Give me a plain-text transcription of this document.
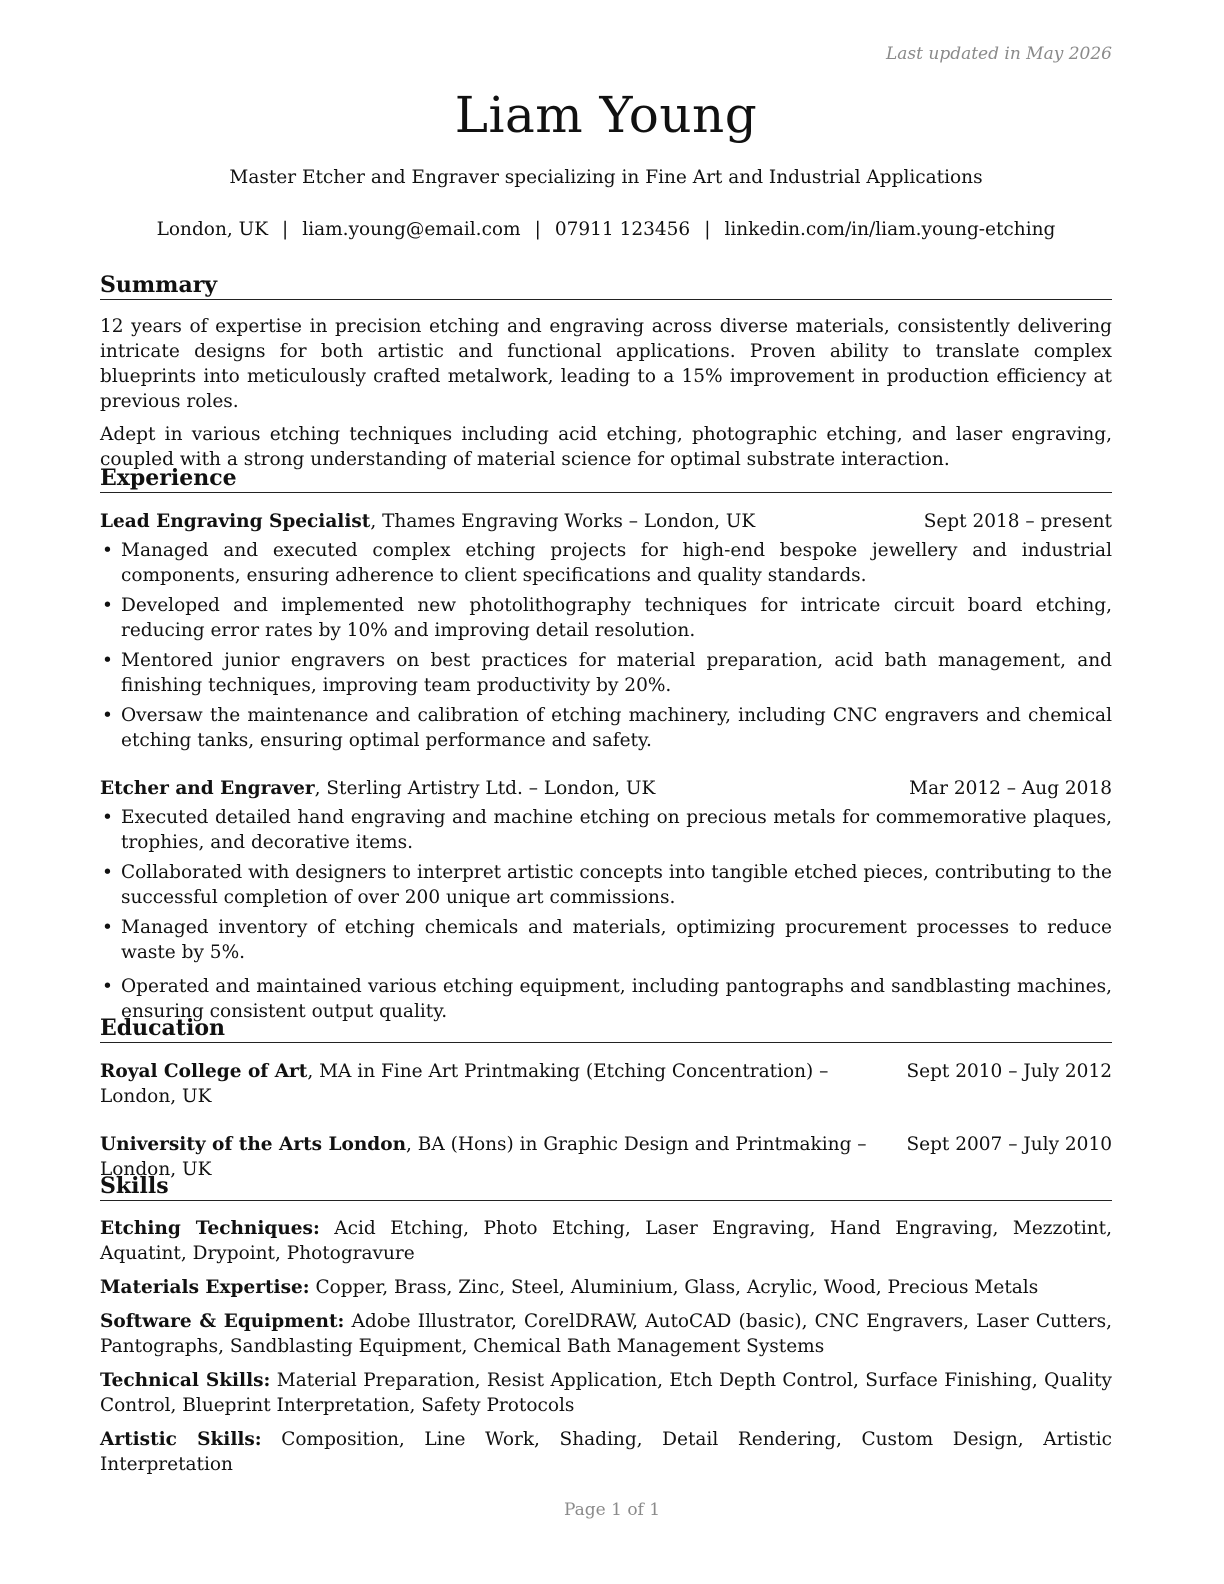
Last updated in May 2026
Liam Young
Master Etcher and Engraver specializing in Fine Art and Industrial Applications
London, UK | liam.young@email.com | 07911 123456 | linkedin.com/in/liam.young-etching
Summary

12 years of expertise in precision etching and engraving across diverse materials, consistently delivering intricate designs for both artistic and functional applications. Proven ability to translate complex blueprints into meticulously crafted metalwork, leading to a 15% improvement in production efficiency at previous roles.

Adept in various etching techniques including acid etching, photographic etching, and laser engraving, coupled with a strong understanding of material science for optimal substrate interaction.

Experience
Lead Engraving Specialist, Thames Engraving Works – London, UK	Sept 2018 – present
• Managed and executed complex etching projects for high-end bespoke jewellery and industrial components, ensuring adherence to client specifications and quality standards.
• Developed and implemented new photolithography techniques for intricate circuit board etching, reducing error rates by 10% and improving detail resolution.
• Mentored junior engravers on best practices for material preparation, acid bath management, and finishing techniques, improving team productivity by 20%.
• Oversaw the maintenance and calibration of etching machinery, including CNC engravers and chemical etching tanks, ensuring optimal performance and safety.
Etcher and Engraver, Sterling Artistry Ltd. – London, UK	Mar 2012 – Aug 2018
• Executed detailed hand engraving and machine etching on precious metals for commemorative plaques, trophies, and decorative items.
• Collaborated with designers to interpret artistic concepts into tangible etched pieces, contributing to the successful completion of over 200 unique art commissions.
• Managed inventory of etching chemicals and materials, optimizing procurement processes to reduce waste by 5%.
• Operated and maintained various etching equipment, including pantographs and sandblasting machines, ensuring consistent output quality.
Education
Royal College of Art, MA in Fine Art Printmaking (Etching Concentration) – London, UK
Sept 2010 – July 2012
University of the Arts London, BA (Hons) in Graphic Design and Printmaking – London, UK
Sept 2007 – July 2010
Skills
Etching Techniques: Acid Etching, Photo Etching, Laser Engraving, Hand Engraving, Mezzotint, Aquatint, Drypoint, Photogravure
Materials Expertise: Copper, Brass, Zinc, Steel, Aluminium, Glass, Acrylic, Wood, Precious Metals
Software & Equipment: Adobe Illustrator, CorelDRAW, AutoCAD (basic), CNC Engravers, Laser Cutters, Pantographs, Sandblasting Equipment, Chemical Bath Management Systems
Technical Skills: Material Preparation, Resist Application, Etch Depth Control, Surface Finishing, Quality Control, Blueprint Interpretation, Safety Protocols
Artistic Skills: Composition, Line Work, Shading, Detail Rendering, Custom Design, Artistic Interpretation
Page 1 of 1
